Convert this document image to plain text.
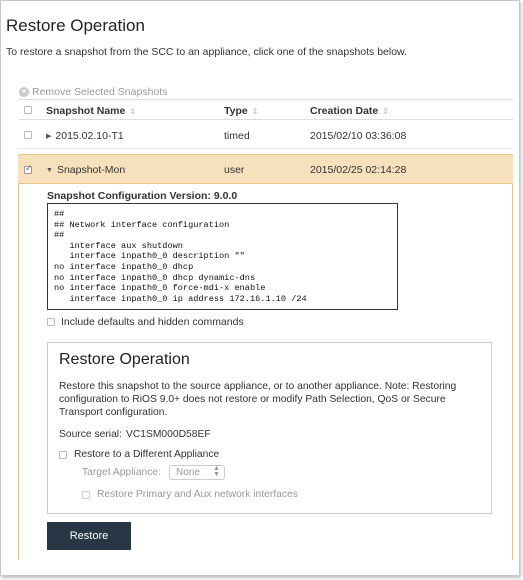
Restore Operation
To restore a snapshot from the SCC to an appliance, click one of the snapshots below.
✕ Remove Selected Snapshots
Snapshot Name ⇕	Type ⇕	Creation Date ⇕
▶ 2015.02.10-T1	timed	2015/02/10 03:36:08
✓
▼ Snapshot-Mon	user	2015/02/25 02:14:28
Snapshot Configuration Version: 9.0.0
##
## Network interface configuration
##
interface aux shutdown
interface inpath0_0 description ""
no interface inpath0_0 dhcp
no interface inpath0_0 dhcp dynamic-dns
no interface inpath0_0 force-mdi-x enable
interface inpath0_0 ip address 172.16.1.10 /24
Include defaults and hidden commands
Restore Operation
Restore this snapshot to the source appliance, or to another appliance. Note: Restoring configuration to RiOS 9.0+ does not restore or modify Path Selection, QoS or Secure Transport configuration.
Source serial: VC1SM000D58EF
Restore to a Different Appliance
Target Appliance: None ▲
▼
Restore Primary and Aux network interfaces
Restore
